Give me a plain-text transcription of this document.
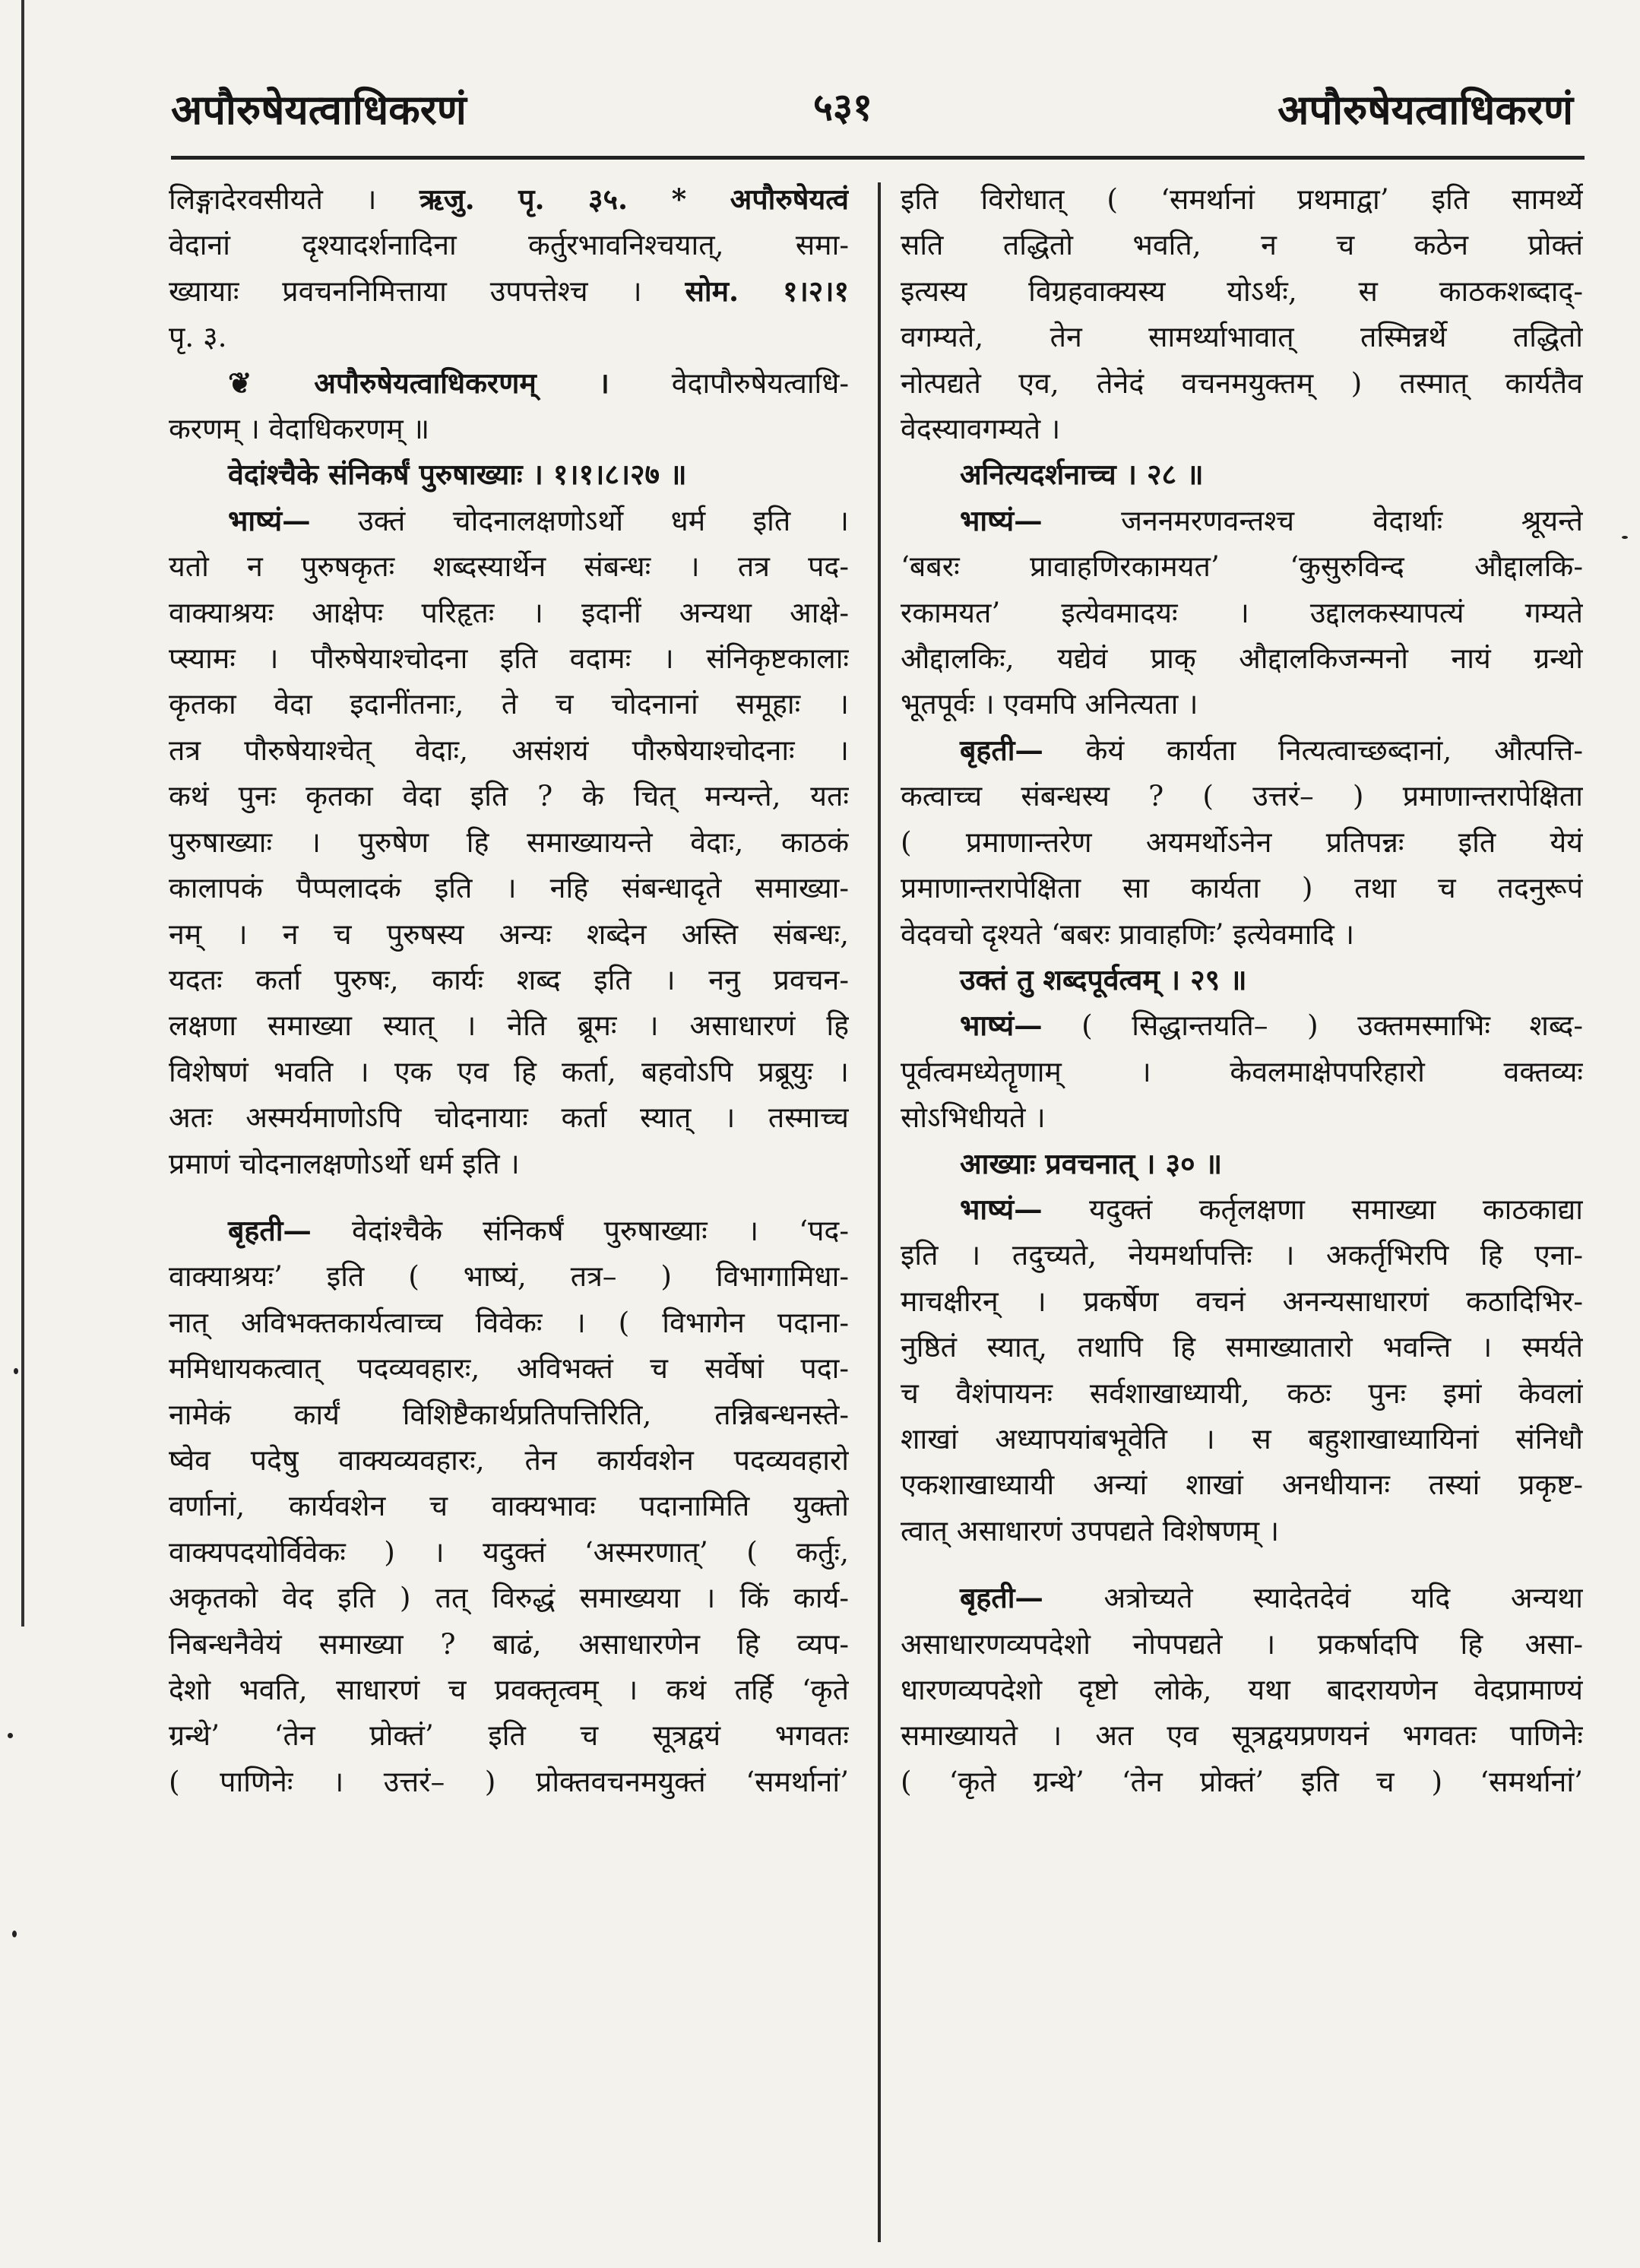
अपौरुषेयत्वाधिकरणं	५३१	अपौरुषेयत्वाधिकरणं
लिङ्गादेरवसीयते । ऋजु. पृ. ३५. * अपौरुषेयत्वं
वेदानां दृश्यादर्शनादिना कर्तुरभावनिश्चयात्, समा-
ख्यायाः प्रवचननिमित्ताया उपपत्तेश्च । सोम. १।२।१
पृ. ३.
❦ अपौरुषेयत्वाधिकरणम् । वेदापौरुषेयत्वाधि-
करणम् । वेदाधिकरणम् ॥
वेदांश्चैके संनिकर्षं पुरुषाख्याः । १।१।८।२७ ॥
भाष्यं— उक्तं चोदनालक्षणोऽर्थो धर्म इति ।
यतो न पुरुषकृतः शब्दस्यार्थेन संबन्धः । तत्र पद-
वाक्याश्रयः आक्षेपः परिहृतः । इदानीं अन्यथा आक्षे-
प्स्यामः । पौरुषेयाश्चोदना इति वदामः । संनिकृष्टकालाः
कृतका वेदा इदानींतनाः, ते च चोदनानां समूहाः ।
तत्र पौरुषेयाश्चेत् वेदाः, असंशयं पौरुषेयाश्चोदनाः ।
कथं पुनः कृतका वेदा इति ? के चित् मन्यन्ते, यतः
पुरुषाख्याः । पुरुषेण हि समाख्यायन्ते वेदाः, काठकं
कालापकं पैप्पलादकं इति । नहि संबन्धादृते समाख्या-
नम् । न च पुरुषस्य अन्यः शब्देन अस्ति संबन्धः,
यदतः कर्ता पुरुषः, कार्यः शब्द इति । ननु प्रवचन-
लक्षणा समाख्या स्यात् । नेति ब्रूमः । असाधारणं हि
विशेषणं भवति । एक एव हि कर्ता, बहवोऽपि प्रब्रूयुः ।
अतः अस्मर्यमाणोऽपि चोदनायाः कर्ता स्यात् । तस्माच्च
प्रमाणं चोदनालक्षणोऽर्थो धर्म इति ।
बृहती— वेदांश्चैके संनिकर्षं पुरुषाख्याः । ‘पद-
वाक्याश्रयः’ इति ( भाष्यं, तत्र– ) विभागामिधा-
नात् अविभक्तकार्यत्वाच्च विवेकः । ( विभागेन पदाना-
ममिधायकत्वात् पदव्यवहारः, अविभक्तं च सर्वेषां पदा-
नामेकं कार्यं विशिष्टैकार्थप्रतिपत्तिरिति, तन्निबन्धनस्ते-
ष्वेव पदेषु वाक्यव्यवहारः, तेन कार्यवशेन पदव्यवहारो
वर्णानां, कार्यवशेन च वाक्यभावः पदानामिति युक्तो
वाक्यपदयोर्विवेकः ) । यदुक्तं ‘अस्मरणात्’ ( कर्तुः,
अकृतको वेद इति ) तत् विरुद्धं समाख्यया । किं कार्य-
निबन्धनैवेयं समाख्या ? बाढं, असाधारणेन हि व्यप-
देशो भवति, साधारणं च प्रवक्तृत्वम् । कथं तर्हि ‘कृते
ग्रन्थे’ ‘तेन प्रोक्तं’ इति च सूत्रद्वयं भगवतः
( पाणिनेः । उत्तरं– ) प्रोक्तवचनमयुक्तं ‘समर्थानां’
इति विरोधात् ( ‘समर्थानां प्रथमाद्वा’ इति सामर्थ्ये
सति तद्धितो भवति, न च कठेन प्रोक्तं
इत्यस्य विग्रहवाक्यस्य योऽर्थः, स काठकशब्दाद्-
वगम्यते, तेन सामर्थ्याभावात् तस्मिन्नर्थे तद्धितो
नोत्पद्यते एव, तेनेदं वचनमयुक्तम् ) तस्मात् कार्यतैव
वेदस्यावगम्यते ।
अनित्यदर्शनाच्च । २८ ॥
भाष्यं— जननमरणवन्तश्च वेदार्थाः श्रूयन्ते
‘बबरः प्रावाहणिरकामयत’ ‘कुसुरुविन्द औद्दालकि-
रकामयत’ इत्येवमादयः । उद्दालकस्यापत्यं गम्यते
औद्दालकिः, यद्येवं प्राक् औद्दालकिजन्मनो नायं ग्रन्थो
भूतपूर्वः । एवमपि अनित्यता ।
बृहती— केयं कार्यता नित्यत्वाच्छब्दानां, औत्पत्ति-
कत्वाच्च संबन्धस्य ? ( उत्तरं– ) प्रमाणान्तरापेक्षिता
( प्रमाणान्तरेण अयमर्थोऽनेन प्रतिपन्नः इति येयं
प्रमाणान्तरापेक्षिता सा कार्यता ) तथा च तदनुरूपं
वेदवचो दृश्यते ‘बबरः प्रावाहणिः’ इत्येवमादि ।
उक्तं तु शब्दपूर्वत्वम् । २९ ॥
भाष्यं— ( सिद्धान्तयति– ) उक्तमस्माभिः शब्द-
पूर्वत्वमध्येतॄणाम् । केवलमाक्षेपपरिहारो वक्तव्यः
सोऽभिधीयते ।
आख्याः प्रवचनात् । ३० ॥
भाष्यं— यदुक्तं कर्तृलक्षणा समाख्या काठकाद्या
इति । तदुच्यते, नेयमर्थापत्तिः । अकर्तृभिरपि हि एना-
माचक्षीरन् । प्रकर्षेण वचनं अनन्यसाधारणं कठादिभिर-
नुष्ठितं स्यात्, तथापि हि समाख्यातारो भवन्ति । स्मर्यते
च वैशंपायनः सर्वशाखाध्यायी, कठः पुनः इमां केवलां
शाखां अध्यापयांबभूवेति । स बहुशाखाध्यायिनां संनिधौ
एकशाखाध्यायी अन्यां शाखां अनधीयानः तस्यां प्रकृष्ट-
त्वात् असाधारणं उपपद्यते विशेषणम् ।
बृहती— अत्रोच्यते स्यादेतदेवं यदि अन्यथा
असाधारणव्यपदेशो नोपपद्यते । प्रकर्षादपि हि असा-
धारणव्यपदेशो दृष्टो लोके, यथा बादरायणेन वेदप्रामाण्यं
समाख्यायते । अत एव सूत्रद्वयप्रणयनं भगवतः पाणिनेः
( ‘कृते ग्रन्थे’ ‘तेन प्रोक्तं’ इति च ) ‘समर्थानां’
